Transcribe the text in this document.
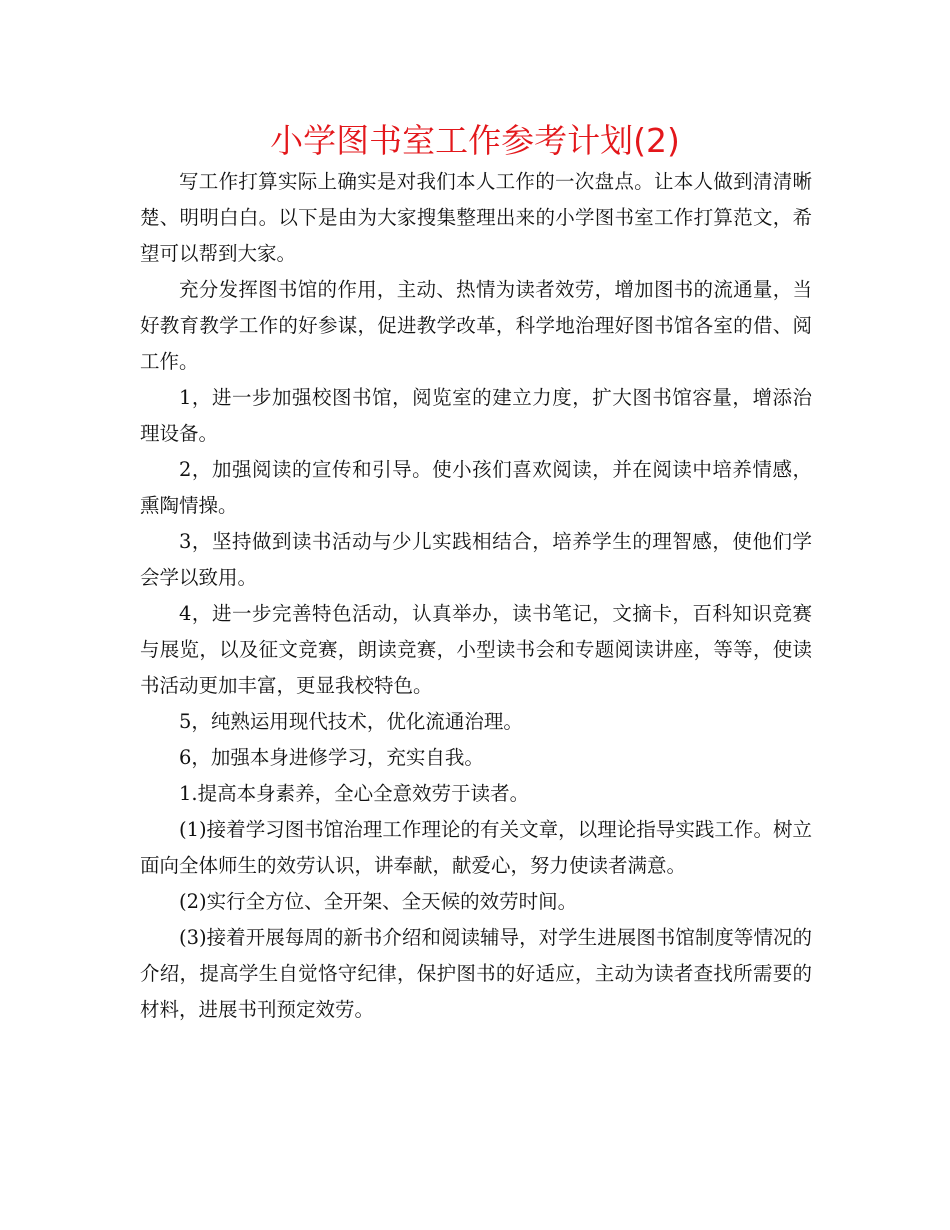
小学图书室工作参考计划(2)

写工作打算实际上确实是对我们本人工作的一次盘点。让本人做到清清晰楚、明明白白。以下是由为大家搜集整理出来的小学图书室工作打算范文，希望可以帮到大家。

充分发挥图书馆的作用，主动、热情为读者效劳，增加图书的流通量，当好教育教学工作的好参谋，促进教学改革，科学地治理好图书馆各室的借、阅工作。

1，进一步加强校图书馆，阅览室的建立力度，扩大图书馆容量，增添治理设备。

2，加强阅读的宣传和引导。使小孩们喜欢阅读，并在阅读中培养情感，熏陶情操。

3，坚持做到读书活动与少儿实践相结合，培养学生的理智感，使他们学会学以致用。

4，进一步完善特色活动，认真举办，读书笔记，文摘卡，百科知识竞赛与展览，以及征文竞赛，朗读竞赛，小型读书会和专题阅读讲座，等等，使读书活动更加丰富，更显我校特色。

5，纯熟运用现代技术，优化流通治理。

6，加强本身进修学习，充实自我。

1.提高本身素养，全心全意效劳于读者。

(1)接着学习图书馆治理工作理论的有关文章，以理论指导实践工作。树立面向全体师生的效劳认识，讲奉献，献爱心，努力使读者满意。

(2)实行全方位、全开架、全天候的效劳时间。

(3)接着开展每周的新书介绍和阅读辅导，对学生进展图书馆制度等情况的介绍，提高学生自觉恪守纪律，保护图书的好适应，主动为读者查找所需要的材料，进展书刊预定效劳。
